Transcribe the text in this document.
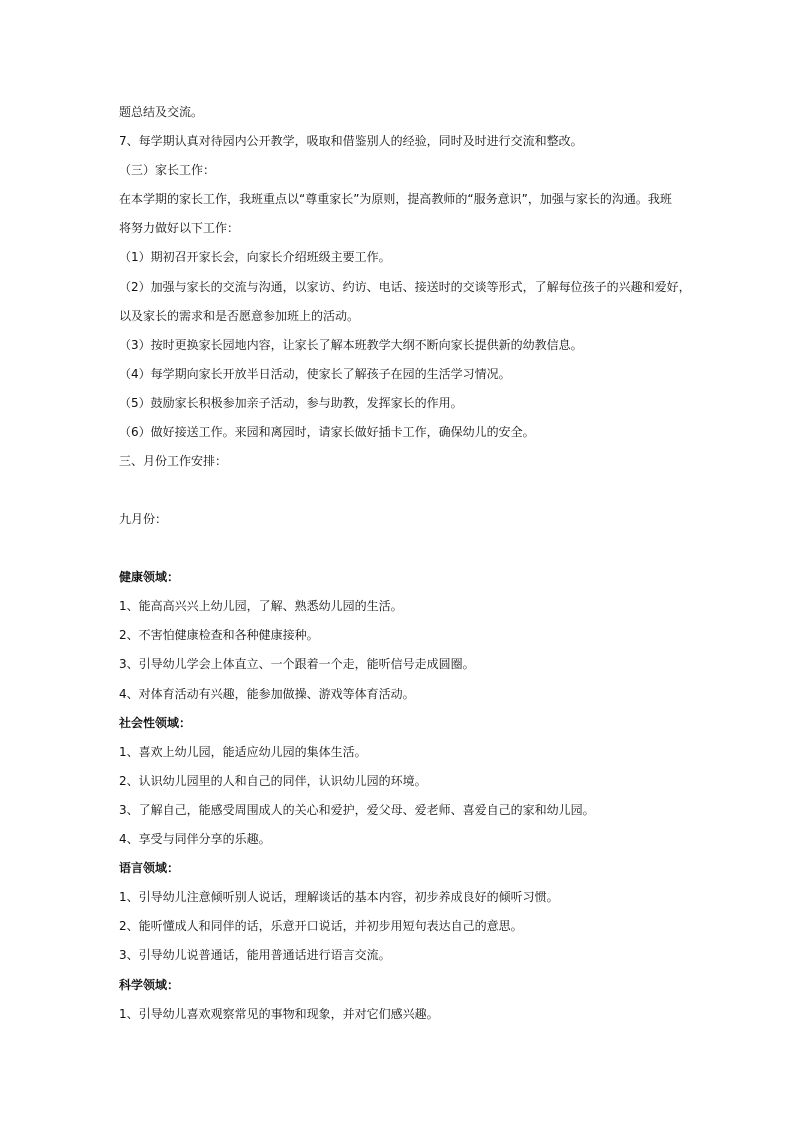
题总结及交流。
7、每学期认真对待园内公开教学，吸取和借鉴别人的经验，同时及时进行交流和整改。
（三）家长工作：
在本学期的家长工作，我班重点以“尊重家长”为原则，提高教师的“服务意识”，加强与家长的沟通。我班
将努力做好以下工作：
（1）期初召开家长会，向家长介绍班级主要工作。
（2）加强与家长的交流与沟通，以家访、约访、电话、接送时的交谈等形式，了解每位孩子的兴趣和爱好，
以及家长的需求和是否愿意参加班上的活动。
（3）按时更换家长园地内容，让家长了解本班教学大纲不断向家长提供新的幼教信息。
（4）每学期向家长开放半日活动，使家长了解孩子在园的生活学习情况。
（5）鼓励家长积极参加亲子活动，参与助教，发挥家长的作用。
（6）做好接送工作。来园和离园时，请家长做好插卡工作，确保幼儿的安全。
三、月份工作安排：
九月份：
健康领域：
1、能高高兴兴上幼儿园，了解、熟悉幼儿园的生活。
2、不害怕健康检查和各种健康接种。
3、引导幼儿学会上体直立、一个跟着一个走，能听信号走成圆圈。
4、对体育活动有兴趣，能参加做操、游戏等体育活动。
社会性领域：
1、喜欢上幼儿园，能适应幼儿园的集体生活。
2、认识幼儿园里的人和自己的同伴，认识幼儿园的环境。
3、了解自己，能感受周围成人的关心和爱护，爱父母、爱老师、喜爱自己的家和幼儿园。
4、享受与同伴分享的乐趣。
语言领域：
1、引导幼儿注意倾听别人说话，理解谈话的基本内容，初步养成良好的倾听习惯。
2、能听懂成人和同伴的话，乐意开口说话，并初步用短句表达自己的意思。
3、引导幼儿说普通话，能用普通话进行语言交流。
科学领域：
1、引导幼儿喜欢观察常见的事物和现象，并对它们感兴趣。
